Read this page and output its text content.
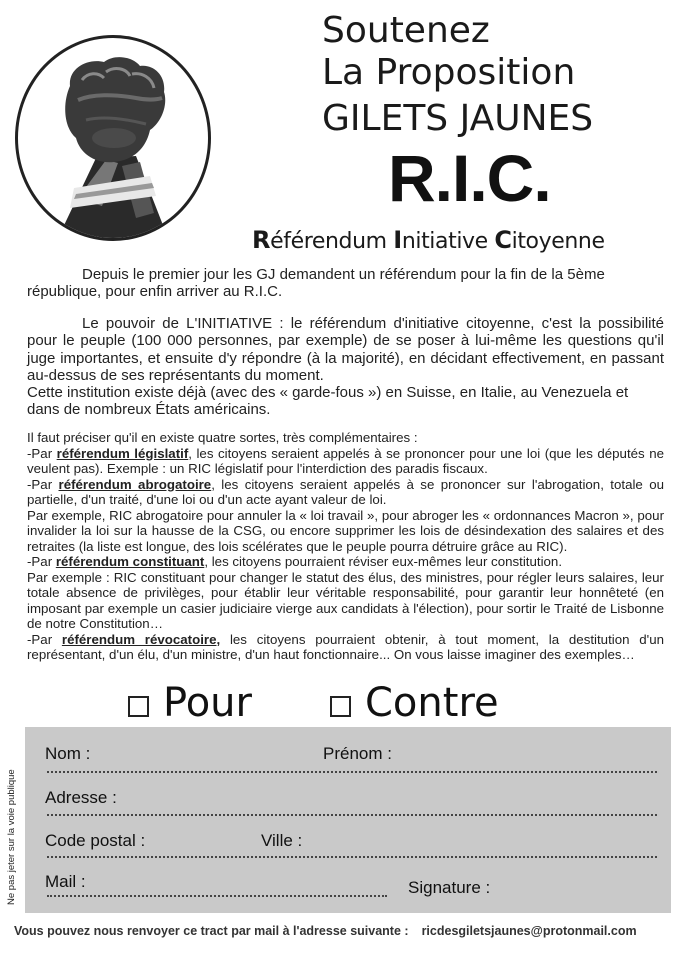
Soutenez
La Proposition
GILETS JAUNES
R.I.C.
Référendum Initiative Citoyenne

Depuis le premier jour les GJ demandent un référendum pour la fin de la 5ème république, pour enfin arriver au R.I.C.

Le pouvoir de L'INITIATIVE : le référendum d'initiative citoyenne, c'est la possibilité pour le peuple (100 000 personnes, par exemple) de se poser à lui-même les questions qu'il juge importantes, et ensuite d'y répondre (à la majorité), en décidant effectivement, en passant au-dessus de ses représentants du moment.

Cette institution existe déjà (avec des « garde-fous ») en Suisse, en Italie, au Venezuela et dans de nombreux États américains.

Il faut préciser qu'il en existe quatre sortes, très complémentaires :

-Par référendum législatif, les citoyens seraient appelés à se prononcer pour une loi (que les députés ne veulent pas). Exemple : un RIC législatif pour l'interdiction des paradis fiscaux.

-Par référendum abrogatoire, les citoyens seraient appelés à se prononcer sur l'abrogation, totale ou partielle, d'un traité, d'une loi ou d'un acte ayant valeur de loi.

Par exemple, RIC abrogatoire pour annuler la « loi travail », pour abroger les « ordonnances Macron », pour invalider la loi sur la hausse de la CSG, ou encore supprimer les lois de désindexation des salaires et des retraites (la liste est longue, des lois scélérates que le peuple pourra détruire grâce au RIC).

-Par référendum constituant, les citoyens pourraient réviser eux-mêmes leur constitution.

Par exemple : RIC constituant pour changer le statut des élus, des ministres, pour régler leurs salaires, leur totale absence de privilèges, pour établir leur véritable responsabilité, pour garantir leur honnêteté (en imposant par exemple un casier judiciaire vierge aux candidats à l'élection), pour sortir le Traité de Lisbonne de notre Constitution…

-Par référendum révocatoire, les citoyens pourraient obtenir, à tout moment, la destitution d'un représentant, d'un élu, d'un ministre, d'un haut fonctionnaire... On vous laisse imaginer des exemples…

Pour	Contre
Ne pas jeter sur la voie publique
Nom :	Prénom :
Adresse :
Code postal :	Ville :
Mail :	Signature :
Vous pouvez nous renvoyer ce tract par mail à l'adresse suivante : ricdesgiletsjaunes@protonmail.com
